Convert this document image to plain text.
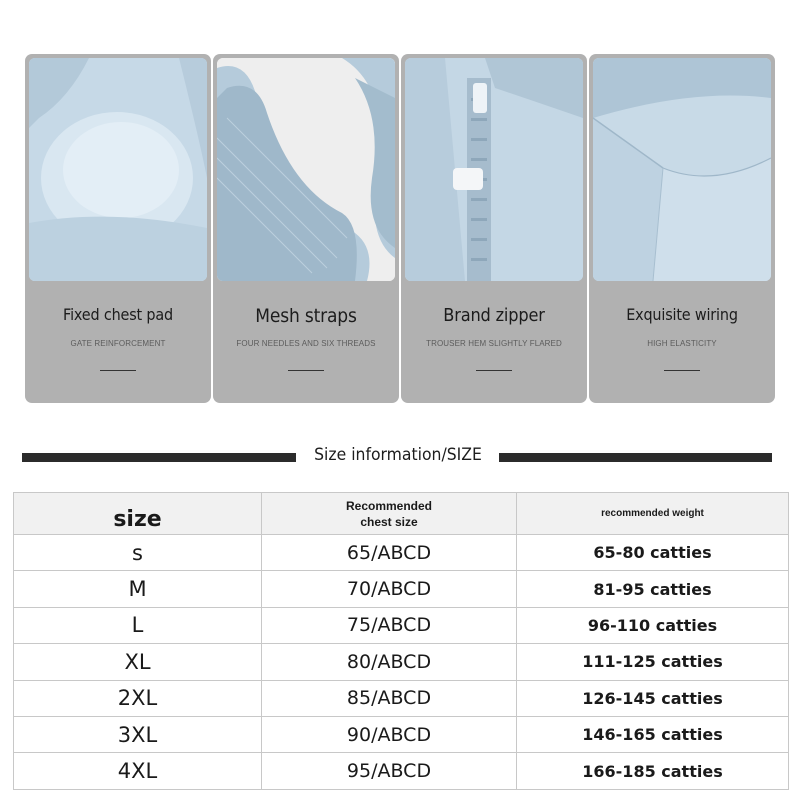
Fixed chest pad
GATE REINFORCEMENT
Mesh straps
FOUR NEEDLES AND SIX THREADS
Brand zipper
TROUSER HEM SLIGHTLY FLARED
Exquisite wiring
HIGH ELASTICITY
Size information/SIZE
size	Recommended chest size	recommended weight
s	65/ABCD	65-80 catties
M	70/ABCD	81-95 catties
L	75/ABCD	96-110 catties
XL	80/ABCD	111-125 catties
2XL	85/ABCD	126-145 catties
3XL	90/ABCD	146-165 catties
4XL	95/ABCD	166-185 catties
